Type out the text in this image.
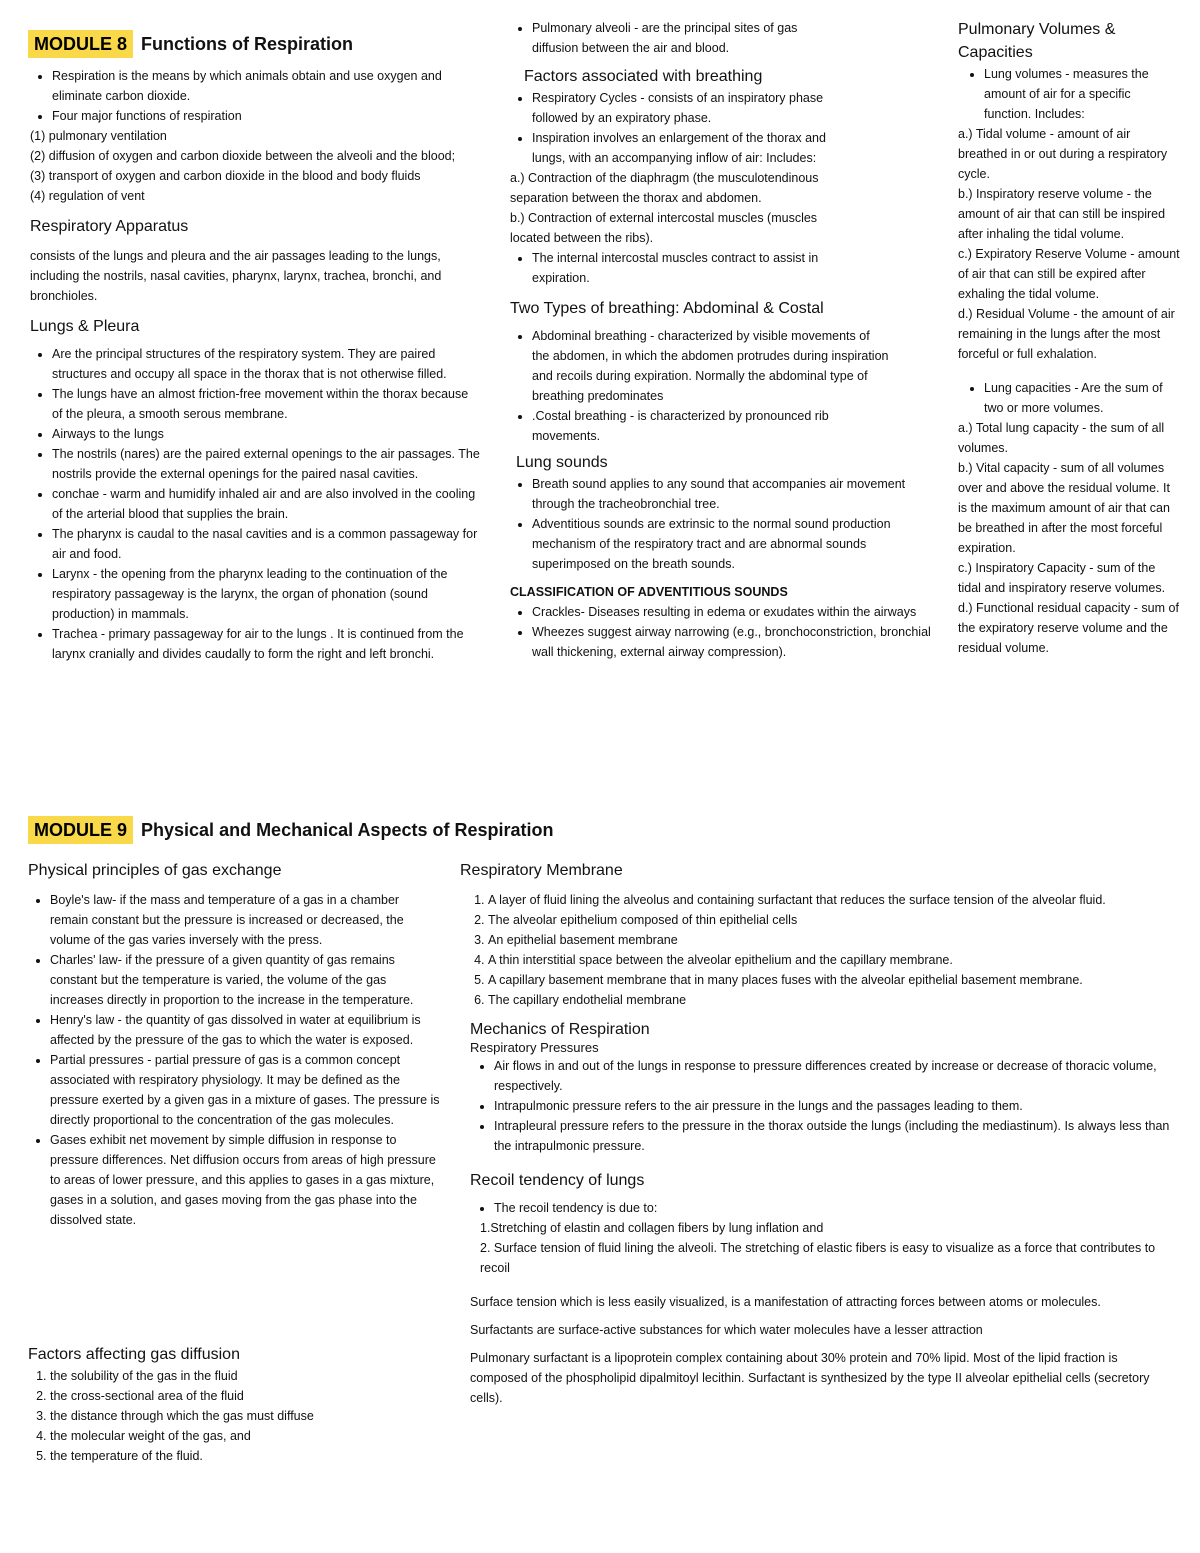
MODULE 8 Functions of Respiration
• Respiration is the means by which animals obtain and use oxygen and eliminate carbon dioxide.
• Four major functions of respiration

(1) pulmonary ventilation

(2) diffusion of oxygen and carbon dioxide between the alveoli and the blood;

(3) transport of oxygen and carbon dioxide in the blood and body fluids

(4) regulation of vent

Respiratory Apparatus

consists of the lungs and pleura and the air passages leading to the lungs, including the nostrils, nasal cavities, pharynx, larynx, trachea, bronchi, and bronchioles.

Lungs & Pleura

• Are the principal structures of the respiratory system. They are paired structures and occupy all space in the thorax that is not otherwise filled.
• The lungs have an almost friction-free movement within the thorax because of the pleura, a smooth serous membrane.
• Airways to the lungs
• The nostrils (nares) are the paired external openings to the air passages. The nostrils provide the external openings for the paired nasal cavities.
• conchae - warm and humidify inhaled air and are also involved in the cooling of the arterial blood that supplies the brain.
• The pharynx is caudal to the nasal cavities and is a common passageway for air and food.
• Larynx - the opening from the pharynx leading to the continuation of the respiratory passageway is the larynx, the organ of phonation (sound production) in mammals.
• Trachea - primary passageway for air to the lungs . It is continued from the larynx cranially and divides caudally to form the right and left bronchi.
• Pulmonary alveoli - are the principal sites of gas diffusion between the air and blood.

Factors associated with breathing

• Respiratory Cycles - consists of an inspiratory phase followed by an expiratory phase.
• Inspiration involves an enlargement of the thorax and lungs, with an accompanying inflow of air: Includes:

a.) Contraction of the diaphragm (the musculotendinous separation between the thorax and abdomen.

b.) Contraction of external intercostal muscles (muscles located between the ribs).

• The internal intercostal muscles contract to assist in expiration.

Two Types of breathing: Abdominal & Costal

• Abdominal breathing - characterized by visible movements of the abdomen, in which the abdomen protrudes during inspiration and recoils during expiration. Normally the abdominal type of breathing predominates
• .Costal breathing - is characterized by pronounced rib movements.

Lung sounds

• Breath sound applies to any sound that accompanies air movement through the tracheobronchial tree.
• Adventitious sounds are extrinsic to the normal sound production mechanism of the respiratory tract and are abnormal sounds superimposed on the breath sounds.

CLASSIFICATION OF ADVENTITIOUS SOUNDS

• Crackles- Diseases resulting in edema or exudates within the airways
• Wheezes suggest airway narrowing (e.g., bronchoconstriction, bronchial wall thickening, external airway compression).

Pulmonary Volumes & Capacities

• Lung volumes - measures the amount of air for a specific function. Includes:

a.) Tidal volume - amount of air breathed in or out during a respiratory cycle.

b.) Inspiratory reserve volume - the amount of air that can still be inspired after inhaling the tidal volume.

c.) Expiratory Reserve Volume - amount of air that can still be expired after exhaling the tidal volume.

d.) Residual Volume - the amount of air remaining in the lungs after the most forceful or full exhalation.

• Lung capacities - Are the sum of two or more volumes.

a.) Total lung capacity - the sum of all volumes.

b.) Vital capacity - sum of all volumes over and above the residual volume. It is the maximum amount of air that can be breathed in after the most forceful expiration.

c.) Inspiratory Capacity - sum of the tidal and inspiratory reserve volumes.

d.) Functional residual capacity - sum of the expiratory reserve volume and the residual volume.

MODULE 9 Physical and Mechanical Aspects of Respiration

Physical principles of gas exchange

• Boyle's law- if the mass and temperature of a gas in a chamber remain constant but the pressure is increased or decreased, the volume of the gas varies inversely with the press.
• Charles' law- if the pressure of a given quantity of gas remains constant but the temperature is varied, the volume of the gas increases directly in proportion to the increase in the temperature.
• Henry's law - the quantity of gas dissolved in water at equilibrium is affected by the pressure of the gas to which the water is exposed.
• Partial pressures - partial pressure of gas is a common concept associated with respiratory physiology. It may be defined as the pressure exerted by a given gas in a mixture of gases. The pressure is directly proportional to the concentration of the gas molecules.
• Gases exhibit net movement by simple diffusion in response to pressure differences. Net diffusion occurs from areas of high pressure to areas of lower pressure, and this applies to gases in a gas mixture, gases in a solution, and gases moving from the gas phase into the dissolved state.

Factors affecting gas diffusion

1. the solubility of the gas in the fluid
2. the cross-sectional area of the fluid
3. the distance through which the gas must diffuse
4. the molecular weight of the gas, and
5. the temperature of the fluid.

Respiratory Membrane

1. A layer of fluid lining the alveolus and containing surfactant that reduces the surface tension of the alveolar fluid.
2. The alveolar epithelium composed of thin epithelial cells
3. An epithelial basement membrane
4. A thin interstitial space between the alveolar epithelium and the capillary membrane.
5. A capillary basement membrane that in many places fuses with the alveolar epithelial basement membrane.
6. The capillary endothelial membrane

Mechanics of Respiration

Respiratory Pressures

• Air flows in and out of the lungs in response to pressure differences created by increase or decrease of thoracic volume, respectively.
• Intrapulmonic pressure refers to the air pressure in the lungs and the passages leading to them.
• Intrapleural pressure refers to the pressure in the thorax outside the lungs (including the mediastinum). Is always less than the intrapulmonic pressure.

Recoil tendency of lungs

• The recoil tendency is due to:

1.Stretching of elastin and collagen fibers by lung inflation and

2. Surface tension of fluid lining the alveoli. The stretching of elastic fibers is easy to visualize as a force that contributes to recoil

Surface tension which is less easily visualized, is a manifestation of attracting forces between atoms or molecules.

Surfactants are surface-active substances for which water molecules have a lesser attraction

Pulmonary surfactant is a lipoprotein complex containing about 30% protein and 70% lipid. Most of the lipid fraction is composed of the phospholipid dipalmitoyl lecithin. Surfactant is synthesized by the type II alveolar epithelial cells (secretory cells).
